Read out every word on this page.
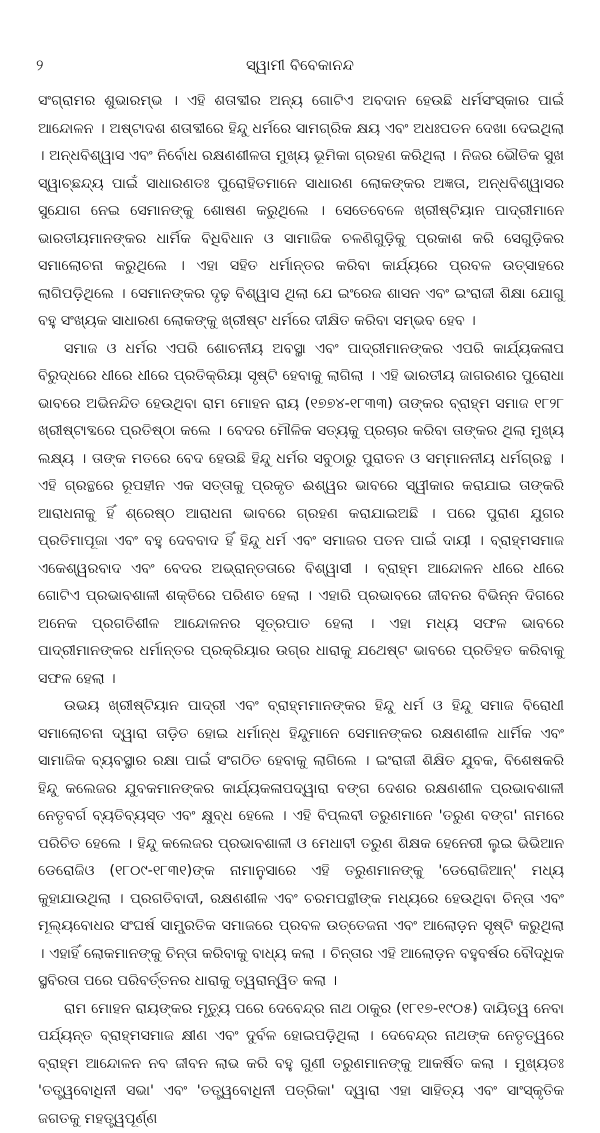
୨	ସ୍ୱାମୀ ବିବେକାନନ୍ଦ

ସଂଗ୍ରାମର ଶୁଭାରମ୍ଭ । ଏହି ଶତାବ୍ଦୀର ଅନ୍ୟ ଗୋଟିଏ ଅବଦାନ ହେଉଛି ଧର୍ମସଂସ୍କାର ପାଇଁ ଆନ୍ଦୋଳନ । ଅଷ୍ଟାଦଶ ଶତାବ୍ଦୀରେ ହିନ୍ଦୁ ଧର୍ମରେ ସାମଗ୍ରିକ କ୍ଷୟ ଏବଂ ଅଧଃପତନ ଦେଖା ଦେଇଥିଲା । ଅନ୍ଧବିଶ୍ୱାସ ଏବଂ ନିର୍ବୋଧ ରକ୍ଷଣଶୀଳତା ମୁଖ୍ୟ ଭୂମିକା ଗ୍ରହଣ କରିଥିଲା । ନିଜର ଭୌତିକ ସୁଖ ସ୍ୱାଚ୍ଛନ୍ଦ୍ୟ ପାଇଁ ସାଧାରଣତଃ ପୁରୋହିତମାନେ ସାଧାରଣ ଲୋକଙ୍କର ଅଜ୍ଞତା, ଅନ୍ଧବିଶ୍ୱାସର ସୁଯୋଗ ନେଇ ସେମାନଙ୍କୁ ଶୋଷଣ କରୁଥିଲେ । ସେତେବେଳେ ଖ୍ରୀଷ୍ଟିୟାନ ପାଦ୍ରୀମାନେ ଭାରତୀୟମାନଙ୍କର ଧାର୍ମିକ ବିଧିବିଧାନ ଓ ସାମାଜିକ ଚଳଣିଗୁଡ଼ିକୁ ପ୍ରକାଶ କରି ସେଗୁଡ଼ିକର ସମାଲୋଚନା କରୁଥିଲେ । ଏହା ସହିତ ଧର୍ମାନ୍ତର କରିବା କାର୍ଯ୍ୟରେ ପ୍ରବଳ ଉତ୍ସାହରେ ଲାଗିପଡ଼ିଥିଲେ । ସେମାନଙ୍କର ଦୃଢ଼ ବିଶ୍ୱାସ ଥିଲା ଯେ ଇଂରେଜ ଶାସନ ଏବଂ ଇଂରାଜୀ ଶିକ୍ଷା ଯୋଗୁ ବହୁ ସଂଖ୍ୟକ ସାଧାରଣ ଲୋକଙ୍କୁ ଖ୍ରୀଷ୍ଟ ଧର୍ମରେ ଦୀକ୍ଷିତ କରିବା ସମ୍ଭବ ହେବ ।

ସମାଜ ଓ ଧର୍ମର ଏପରି ଶୋଚନୀୟ ଅବସ୍ଥା ଏବଂ ପାଦ୍ରୀମାନଙ୍କର ଏପରି କାର୍ଯ୍ୟକଳାପ ବିରୁଦ୍ଧରେ ଧୀରେ ଧୀରେ ପ୍ରତିକ୍ରିୟା ସୃଷ୍ଟି ହେବାକୁ ଲାଗିଲା । ଏହି ଭାରତୀୟ ଜାଗରଣର ପୁରୋଧା ଭାବରେ ଅଭିନନ୍ଦିତ ହେଉଥିବା ରାମ ମୋହନ ରାୟ (୧୭୭୪-୧୮୩୩) ତାଙ୍କର ବ୍ରାହ୍ମ ସମାଜ ୧୮୨୮ ଖ୍ରୀଷ୍ଟାବ୍ଦରେ ପ୍ରତିଷ୍ଠା କଲେ । ବେଦର ମୌଳିକ ସତ୍ୟକୁ ପ୍ରଚାର କରିବା ତାଙ୍କର ଥିଲା ମୁଖ୍ୟ ଲକ୍ଷ୍ୟ । ତାଙ୍କ ମତରେ ବେଦ ହେଉଛି ହିନ୍ଦୁ ଧର୍ମର ସବୁଠାରୁ ପୁରାତନ ଓ ସମ୍ମାନନୀୟ ଧର୍ମଗ୍ରନ୍ଥ । ଏହି ଗ୍ରନ୍ଥରେ ରୂପହୀନ ଏକ ସତ୍ତାକୁ ପ୍ରକୃତ ଈଶ୍ୱର ଭାବରେ ସ୍ୱୀକାର କରାଯାଇ ତାଙ୍କରି ଆରାଧନାକୁ ହିଁ ଶ୍ରେଷ୍ଠ ଆରାଧନା ଭାବରେ ଗ୍ରହଣ କରାଯାଇଅଛି । ପରେ ପୁରାଣ ଯୁଗର ପ୍ରତିମାପୂଜା ଏବଂ ବହୁ ଦେବବାଦ ହିଁ ହିନ୍ଦୁ ଧର୍ମ ଏବଂ ସମାଜର ପତନ ପାଇଁ ଦାୟୀ । ବ୍ରାହ୍ମସମାଜ ଏକେଶ୍ୱରବାଦ ଏବଂ ବେଦର ଅଭ୍ରାନ୍ତତାରେ ବିଶ୍ୱାସୀ । ବ୍ରାହ୍ମ ଆନ୍ଦୋଳନ ଧୀରେ ଧୀରେ ଗୋଟିଏ ପ୍ରଭାବଶାଳୀ ଶକ୍ତିରେ ପରିଣତ ହେଲା । ଏହାରି ପ୍ରଭାବରେ ଜୀବନର ବିଭିନ୍ନ ଦିଗରେ ଅନେକ ପ୍ରଗତିଶୀଳ ଆନ୍ଦୋଳନର ସୂତ୍ରପାତ ହେଲା । ଏହା ମଧ୍ୟ ସଫଳ ଭାବରେ ପାଦ୍ରୀମାନଙ୍କର ଧର୍ମାନ୍ତର ପ୍ରକ୍ରିୟାର ଉଗ୍ର ଧାରାକୁ ଯଥେଷ୍ଟ ଭାବରେ ପ୍ରତିହତ କରିବାକୁ ସଫଳ ହେଲା ।

ଉଭୟ ଖ୍ରୀଷ୍ଟିୟାନ ପାଦ୍ରୀ ଏବଂ ବ୍ରାହ୍ମମାନଙ୍କର ହିନ୍ଦୁ ଧର୍ମ ଓ ହିନ୍ଦୁ ସମାଜ ବିରୋଧୀ ସମାଲୋଚନା ଦ୍ୱାରା ତାଡ଼ିତ ହୋଇ ଧର୍ମାନ୍ଧ ହିନ୍ଦୁମାନେ ସେମାନଙ୍କର ରକ୍ଷଣଶୀଳ ଧାର୍ମିକ ଏବଂ ସାମାଜିକ ବ୍ୟବସ୍ଥାର ରକ୍ଷା ପାଇଁ ସଂଗଠିତ ହେବାକୁ ଲାଗିଲେ । ଇଂରାଜୀ ଶିକ୍ଷିତ ଯୁବକ, ବିଶେଷକରି ହିନ୍ଦୁ କଲେଜର ଯୁବକମାନଙ୍କର କାର୍ଯ୍ୟକଳାପଦ୍ୱାରା ବଙ୍ଗ ଦେଶର ରକ୍ଷଣଶୀଳ ପ୍ରଭାବଶାଳୀ ନେତୃବର୍ଗ ବ୍ୟତିବ୍ୟସ୍ତ ଏବଂ କ୍ଷୁବ୍ଧ ହେଲେ । ଏହି ବିପ୍ଲବୀ ତରୁଣମାନେ 'ତରୁଣ ବଙ୍ଗ' ନାମରେ ପରିଚିତ ହେଲେ । ହିନ୍ଦୁ କଲେଜର ପ୍ରଭାବଶାଳୀ ଓ ମେଧାବୀ ତରୁଣ ଶିକ୍ଷକ ହେନେରୀ ଲୁଇ ଭିଭିଆନ ଡେରୋଜିଓ (୧୮୦୯-୧୮୩୧)ଙ୍କ ନାମାନୁସାରେ ଏହି ତରୁଣମାନଙ୍କୁ 'ଡେରୋଜିଆନ୍' ମଧ୍ୟ କୁହାଯାଉଥିଲା । ପ୍ରଗତିବାଦୀ, ରକ୍ଷଣଶୀଳ ଏବଂ ଚରମପନ୍ଥୀଙ୍କ ମଧ୍ୟରେ ହେଉଥିବା ଚିନ୍ତା ଏବଂ ମୂଲ୍ୟବୋଧର ସଂଘର୍ଷ ସାମ୍ପ୍ରତିକ ସମାଜରେ ପ୍ରବଳ ଉତ୍ତେଜନା ଏବଂ ଆଲୋଡ଼ନ ସୃଷ୍ଟି କରୁଥିଲା । ଏହାହିଁ ଲୋକମାନଙ୍କୁ ଚିନ୍ତା କରିବାକୁ ବାଧ୍ୟ କଲା । ଚିନ୍ତାର ଏହି ଆଲୋଡ଼ନ ବହୁବର୍ଷର ବୌଦ୍ଧିକ ସ୍ଥବିରତା ପରେ ପରିବର୍ତ୍ତନର ଧାରାକୁ ତ୍ୱରାନ୍ୱିତ କଲା ।

ରାମ ମୋହନ ରାୟଙ୍କର ମୃତ୍ୟୁ ପରେ ଦେବେନ୍ଦ୍ର ନାଥ ଠାକୁର (୧୮୧୭-୧୯୦୫) ଦାୟିତ୍ୱ ନେବା ପର୍ଯ୍ୟନ୍ତ ବ୍ରାହ୍ମସମାଜ କ୍ଷୀଣ ଏବଂ ଦୁର୍ବଳ ହୋଇପଡ଼ିଥିଲା । ଦେବେନ୍ଦ୍ର ନାଥଙ୍କ ନେତୃତ୍ୱରେ ବ୍ରାହ୍ମ ଆନ୍ଦୋଳନ ନବ ଜୀବନ ଲାଭ କରି ବହୁ ଗୁଣୀ ତରୁଣମାନଙ୍କୁ ଆକର୍ଷିତ କଲା । ମୁଖ୍ୟତଃ 'ତତ୍ତ୍ୱବୋଧିନୀ ସଭା' ଏବଂ 'ତତ୍ତ୍ୱବୋଧିନୀ ପତ୍ରିକା' ଦ୍ୱାରା ଏହା ସାହିତ୍ୟ ଏବଂ ସାଂସ୍କୃତିକ ଜଗତକୁ ମହତ୍ତ୍ୱପୂର୍ଣ୍ଣ
